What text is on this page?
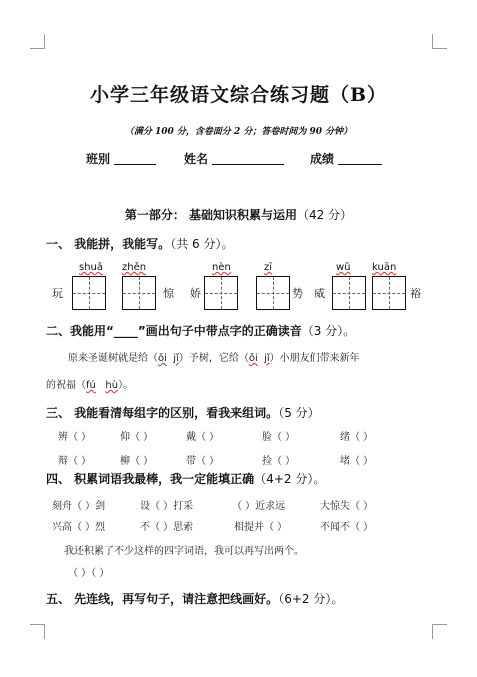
小学三年级语文综合练习题（B）
（满分 100 分，含卷面分 2 分；答卷时间为 90 分钟）
班别	姓名	成绩
第一部分： 基础知识积累与运用（42 分）
一、 我能拼，我能写。（共 6 分）。
shuǎ zhěn	nèn	zī	wǔ kuān
玩	惊 娇	势 威	裕
二、我能用“____”画出句子中带点字的正确读音（3 分）。
原来圣诞树就是给（ǒi jǐ）予树，它给（ǒi jǐ）小朋友们带来新年
的祝福（fú hù）。
三、 我能看清每组字的区别，看我来组词。（5 分）
辨（ ）	仰（ ）	戴（ ）	脸（ ）	绪（ ）
辩（ ）	柳（ ）	带（ ）	捡（ ）	堵（ ）
四、 积累词语我最棒，我一定能填正确（4+2 分）。
刻舟（ ）剑	设（ ）打采	（ ）近求远	大惊失（ ）
兴高（ ）烈	不（ ）思索	相提并（ ）	不闻不（ ）
我还积累了不少这样的四字词语，我可以再写出两个。
（ ）（ ）
五、 先连线，再写句子，请注意把线画好。（6+2 分）。
